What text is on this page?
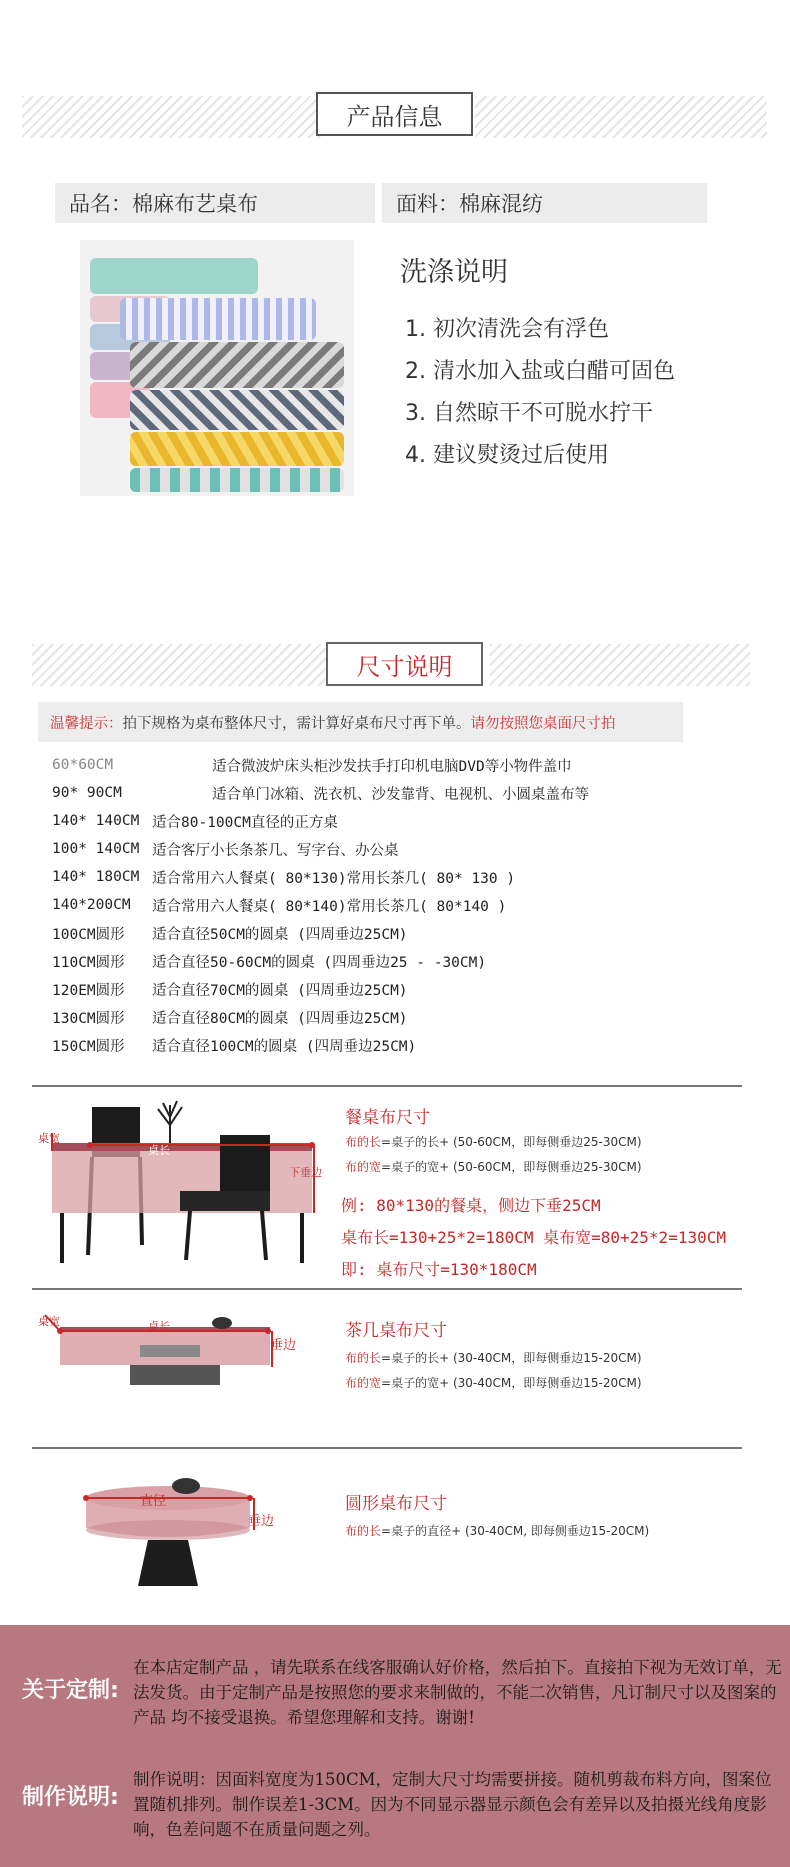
产品信息
品名：棉麻布艺桌布	面料：棉麻混纺
洗涤说明
1. 初次清洗会有浮色
2. 清水加入盐或白醋可固色
3. 自然晾干不可脱水拧干
4. 建议熨烫过后使用
尺寸说明
温馨提示： 拍下规格为桌布整体尺寸，需计算好桌布尺寸再下单。 请勿按照您桌面尺寸拍
60*60CM	适合微波炉床头柜沙发扶手打印机电脑DVD等小物件盖巾
90* 90CM	适合单门冰箱、洗衣机、沙发靠背、电视机、小圆桌盖布等
140* 140CM 适合80-100CM直径的正方桌
100* 140CM 适合客厅小长条茶几、写字台、办公桌
140* 180CM 适合常用六人餐桌( 80*130)常用长茶几( 80* 130 )
140*200CM	适合常用六人餐桌( 80*140)常用长茶几( 80*140 )
100CM圆形	适合直径50CM的圆桌 (四周垂边25CM)
110CM圆形	适合直径50-60CM的圆桌 (四周垂边25 - -30CM)
120EM圆形	适合直径70CM的圆桌 (四周垂边25CM)
130CM圆形	适合直径80CM的圆桌 (四周垂边25CM)
150CM圆形	适合直径100CM的圆桌 (四周垂边25CM)
桌宽
桌长
下垂边
餐桌布尺寸
布的长=桌子的长+ (50-60CM，即每侧垂边25-30CM)
布的宽=桌子的宽+ (50-60CM，即每侧垂边25-30CM)
例: 80*130的餐桌，侧边下垂25CM
桌布长=130+25*2=180CM 桌布宽=80+25*2=130CM
即: 桌布尺寸=130*180CM
桌宽	桌长
垂边
茶几桌布尺寸
布的长=桌子的长+ (30-40CM，即每侧垂边15-20CM)
布的宽=桌子的宽+ (30-40CM，即每侧垂边15-20CM)
直径
垂边
圆形桌布尺寸
布的长=桌子的直径+ (30-40CM, 即每侧垂边15-20CM)
关于定制:
在本店定制产品 ，请先联系在线客服确认好价格，然后拍下。直接拍下视为无效订单，无法发货。由于定制产品是按照您的要求来制做的，不能二次销售，凡订制尺寸以及图案的产品 均不接受退换。希望您理解和支持。谢谢!
制作说明:
制作说明：因面料宽度为150CM，定制大尺寸均需要拼接。随机剪裁布料方向，图案位置随机排列。制作误差1-3CM。因为不同显示器显示颜色会有差异以及拍摄光线角度影响，色差问题不在质量问题之列。
